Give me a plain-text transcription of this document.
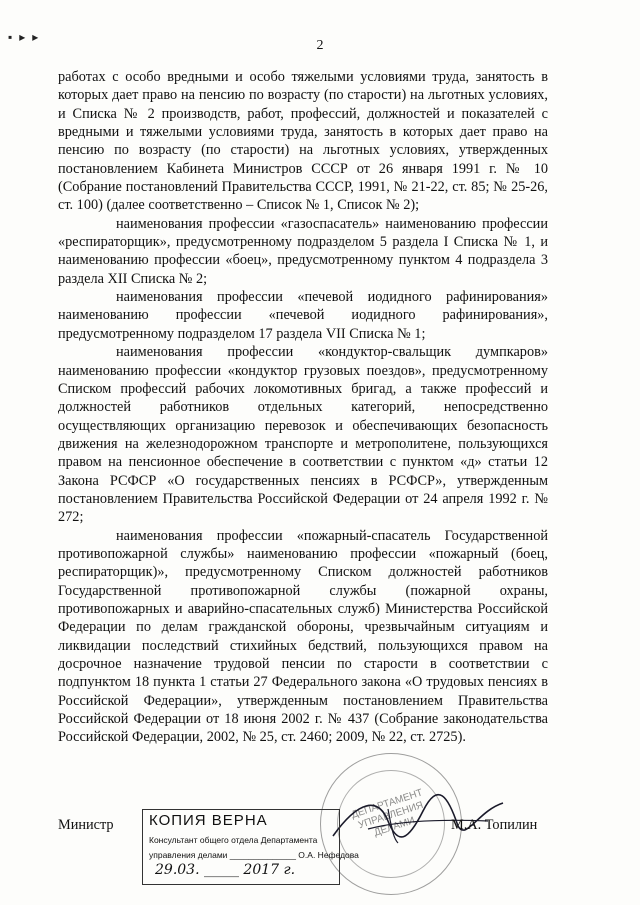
▪ ▸ ▸
2

работах с особо вредными и особо тяжелыми условиями труда, занятость в которых дает право на пенсию по возрасту (по старости) на льготных условиях, и Списка № 2 производств, работ, профессий, должностей и показателей с вредными и тяжелыми условиями труда, занятость в которых дает право на пенсию по возрасту (по старости) на льготных условиях, утвержденных постановлением Кабинета Министров СССР от 26 января 1991 г. № 10 (Собрание постановлений Правительства СССР, 1991, № 21-22, ст. 85; № 25-26, ст. 100) (далее соответственно – Список № 1, Список № 2);

наименования профессии «газоспасатель» наименованию профессии «респираторщик», предусмотренному подразделом 5 раздела I Списка № 1, и наименованию профессии «боец», предусмотренному пунктом 4 подраздела 3 раздела XII Списка № 2;

наименования профессии «печевой иодидного рафинирования» наименованию профессии «печевой иодидного рафинирования», предусмотренному подразделом 17 раздела VII Списка № 1;

наименования профессии «кондуктор-свальщик думпкаров» наименованию профессии «кондуктор грузовых поездов», предусмотренному Списком профессий рабочих локомотивных бригад, а также профессий и должностей работников отдельных категорий, непосредственно осуществляющих организацию перевозок и обеспечивающих безопасность движения на железнодорожном транспорте и метрополитене, пользующихся правом на пенсионное обеспечение в соответствии с пунктом «д» статьи 12 Закона РСФСР «О государственных пенсиях в РСФСР», утвержденным постановлением Правительства Российской Федерации от 24 апреля 1992 г. № 272;

наименования профессии «пожарный-спасатель Государственной противопожарной службы» наименованию профессии «пожарный (боец, респираторщик)», предусмотренному Списком должностей работников Государственной противопожарной службы (пожарной охраны, противопожарных и аварийно-спасательных служб) Министерства Российской Федерации по делам гражданской обороны, чрезвычайным ситуациям и ликвидации последствий стихийных бедствий, пользующихся правом на досрочное назначение трудовой пенсии по старости в соответствии с подпунктом 18 пункта 1 статьи 27 Федерального закона «О трудовых пенсиях в Российской Федерации», утвержденным постановлением Правительства Российской Федерации от 18 июня 2002 г. № 437 (Собрание законодательства Российской Федерации, 2002, № 25, ст. 2460; 2009, № 22, ст. 2725).

Министр
ДЕПАРТАМЕНТ УПРАВЛЕНИЯ ДЕЛАМИ
КОПИЯ ВЕРНА
Консультант общего отдела Департамента
управления делами ______________ О.А. Нефедова
29.03. _____ 2017 г.
М.А. Топилин
